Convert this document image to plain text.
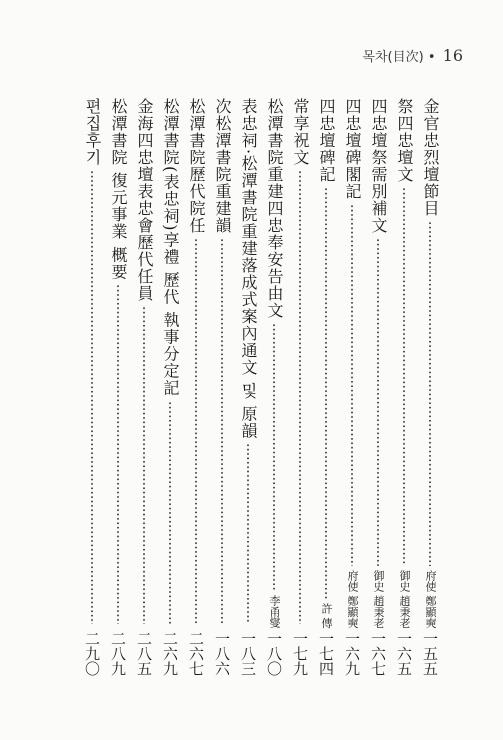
목차(目次) • 16
金官忠烈壇節目
府使 鄭顯奭
一五五
祭四忠壇文
御史 趙秉老
一六五
四忠壇祭需別補文
御史 趙秉老
一六七
四忠壇碑閣記
府使 鄭顯奭
一六九
四忠壇碑記
許 傳
一七四
常享祝文
一七九
松潭書院重建四忠奉安告由文
李甬燮
一八〇
表忠祠·松潭書院重建落成式案內通文 및 原韻
一八三
次松潭書院重建韻
一八六
松潭書院歷代院任
二六七
松潭書院(表忠祠)享禮 歷代 執事分定記
二六九
金海四忠壇表忠會歷代任員
二八五
松潭書院 復元事業 概要
二八九
편집후기
二九〇
